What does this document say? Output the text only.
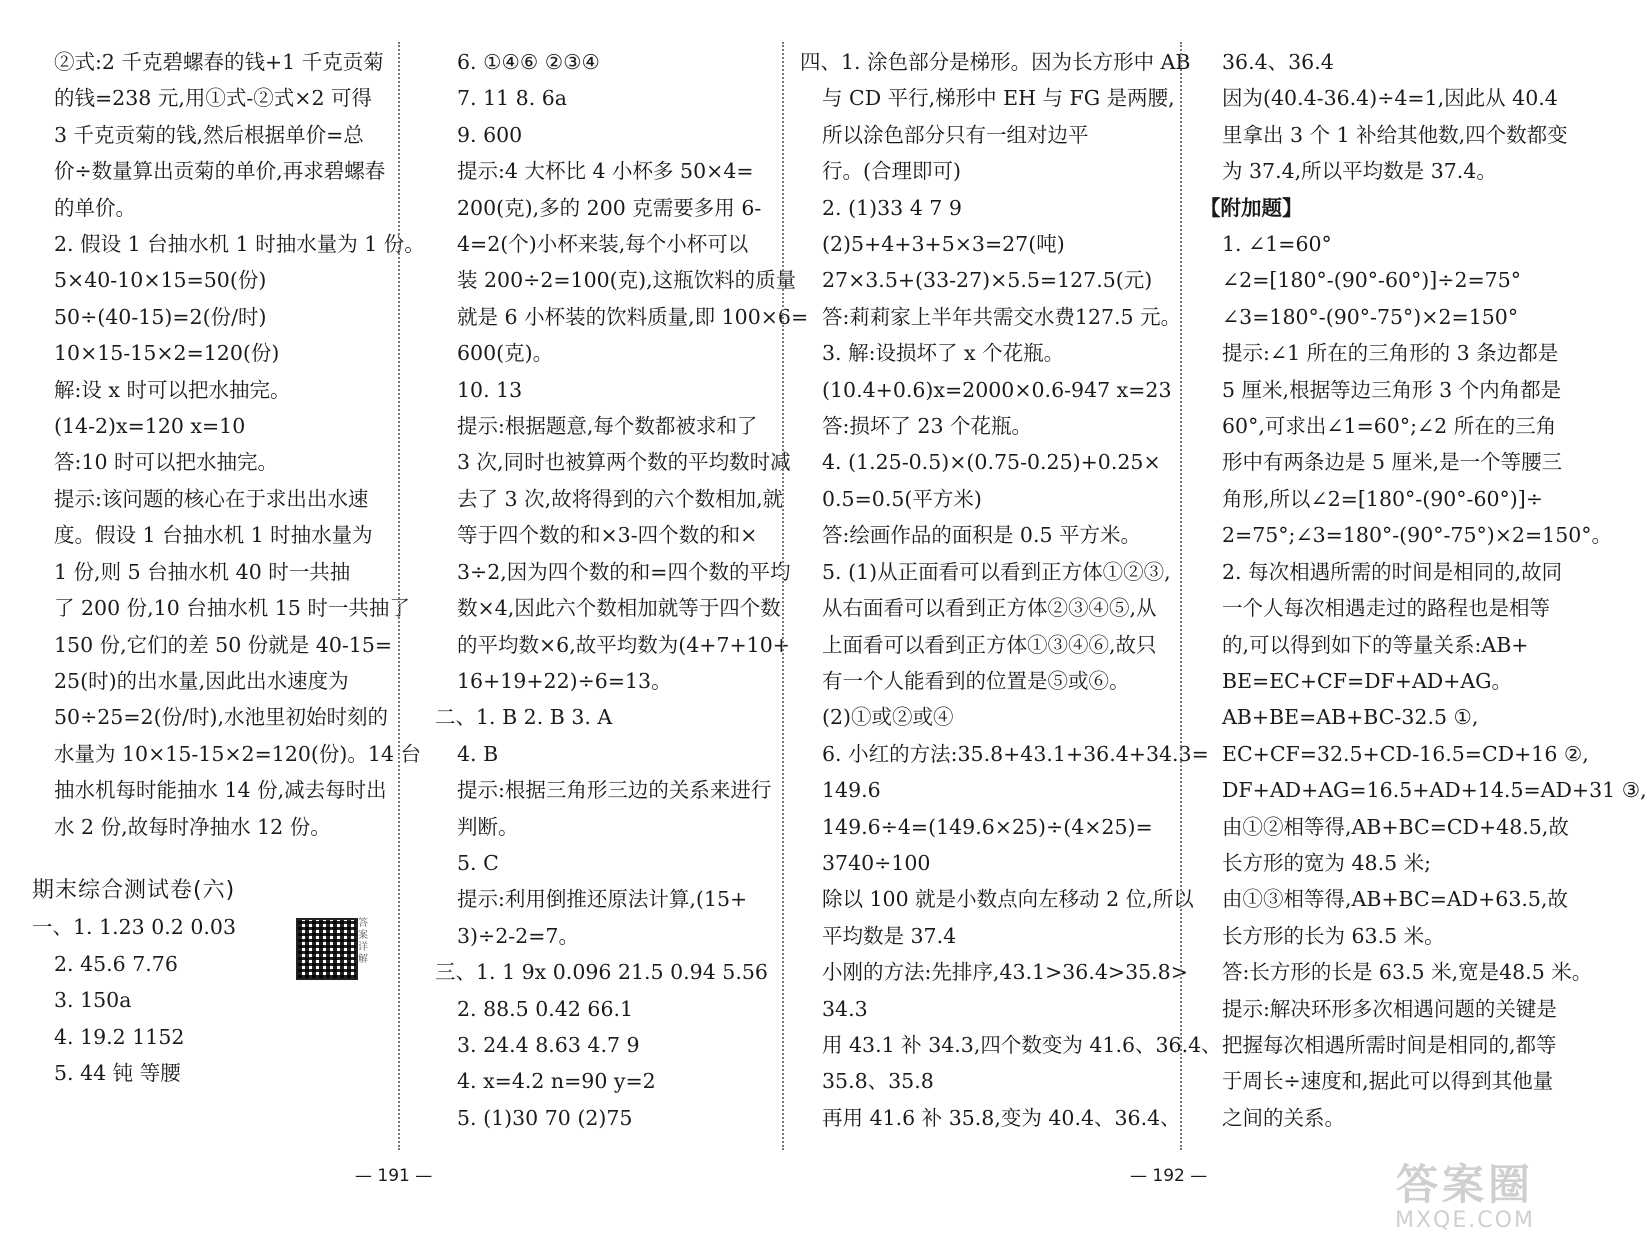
②式:2 千克碧螺春的钱+1 千克贡菊

的钱=238 元,用①式-②式×2 可得

3 千克贡菊的钱,然后根据单价=总

价÷数量算出贡菊的单价,再求碧螺春

的单价。

2. 假设 1 台抽水机 1 时抽水量为 1 份。

5×40-10×15=50(份)

50÷(40-15)=2(份/时)

10×15-15×2=120(份)

解:设 x 时可以把水抽完。

(14-2)x=120 x=10

答:10 时可以把水抽完。

提示:该问题的核心在于求出出水速

度。假设 1 台抽水机 1 时抽水量为

1 份,则 5 台抽水机 40 时一共抽

了 200 份,10 台抽水机 15 时一共抽了

150 份,它们的差 50 份就是 40-15=

25(时)的出水量,因此出水速度为

50÷25=2(份/时),水池里初始时刻的

水量为 10×15-15×2=120(份)。14 台

抽水机每时能抽水 14 份,减去每时出

水 2 份,故每时净抽水 12 份。

期末综合测试卷(六)

一、1. 1.23 0.2 0.03

2. 45.6 7.76

3. 150a

4. 19.2 1152

5. 44 钝 等腰

6. ①④⑥ ②③④

7. 11 8. 6a

9. 600

提示:4 大杯比 4 小杯多 50×4=

200(克),多的 200 克需要多用 6-

4=2(个)小杯来装,每个小杯可以

装 200÷2=100(克),这瓶饮料的质量

就是 6 小杯装的饮料质量,即 100×6=

600(克)。

10. 13

提示:根据题意,每个数都被求和了

3 次,同时也被算两个数的平均数时减

去了 3 次,故将得到的六个数相加,就

等于四个数的和×3-四个数的和×

3÷2,因为四个数的和=四个数的平均

数×4,因此六个数相加就等于四个数

的平均数×6,故平均数为(4+7+10+

16+19+22)÷6=13。

二、1. B 2. B 3. A

4. B

提示:根据三角形三边的关系来进行

判断。

5. C

提示:利用倒推还原法计算,(15+

3)÷2-2=7。

三、1. 1 9x 0.096 21.5 0.94 5.56

2. 88.5 0.42 66.1

3. 24.4 8.63 4.7 9

4. x=4.2 n=90 y=2

5. (1)30 70 (2)75

四、1. 涂色部分是梯形。因为长方形中 AB

与 CD 平行,梯形中 EH 与 FG 是两腰,

所以涂色部分只有一组对边平

行。(合理即可)

2. (1)33 4 7 9

(2)5+4+3+5×3=27(吨)

27×3.5+(33-27)×5.5=127.5(元)

答:莉莉家上半年共需交水费127.5 元。

3. 解:设损坏了 x 个花瓶。

(10.4+0.6)x=2000×0.6-947 x=23

答:损坏了 23 个花瓶。

4. (1.25-0.5)×(0.75-0.25)+0.25×

0.5=0.5(平方米)

答:绘画作品的面积是 0.5 平方米。

5. (1)从正面看可以看到正方体①②③,

从右面看可以看到正方体②③④⑤,从

上面看可以看到正方体①③④⑥,故只

有一个人能看到的位置是⑤或⑥。

(2)①或②或④

6. 小红的方法:35.8+43.1+36.4+34.3=

149.6

149.6÷4=(149.6×25)÷(4×25)=

3740÷100

除以 100 就是小数点向左移动 2 位,所以

平均数是 37.4

小刚的方法:先排序,43.1>36.4>35.8>

34.3

用 43.1 补 34.3,四个数变为 41.6、36.4、

35.8、35.8

再用 41.6 补 35.8,变为 40.4、36.4、

36.4、36.4

因为(40.4-36.4)÷4=1,因此从 40.4

里拿出 3 个 1 补给其他数,四个数都变

为 37.4,所以平均数是 37.4。

【附加题】

1. ∠1=60°

∠2=[180°-(90°-60°)]÷2=75°

∠3=180°-(90°-75°)×2=150°

提示:∠1 所在的三角形的 3 条边都是

5 厘米,根据等边三角形 3 个内角都是

60°,可求出∠1=60°;∠2 所在的三角

形中有两条边是 5 厘米,是一个等腰三

角形,所以∠2=[180°-(90°-60°)]÷

2=75°;∠3=180°-(90°-75°)×2=150°。

2. 每次相遇所需的时间是相同的,故同

一个人每次相遇走过的路程也是相等

的,可以得到如下的等量关系:AB+

BE=EC+CF=DF+AD+AG。

AB+BE=AB+BC-32.5 ①,

EC+CF=32.5+CD-16.5=CD+16 ②,

DF+AD+AG=16.5+AD+14.5=AD+31 ③,

由①②相等得,AB+BC=CD+48.5,故

长方形的宽为 48.5 米;

由①③相等得,AB+BC=AD+63.5,故

长方形的长为 63.5 米。

答:长方形的长是 63.5 米,宽是48.5 米。

提示:解决环形多次相遇问题的关键是

把握每次相遇所需时间是相同的,都等

于周长÷速度和,据此可以得到其他量

之间的关系。

答案详解
— 191 —	— 192 —	答案圈
MXQE.COM
